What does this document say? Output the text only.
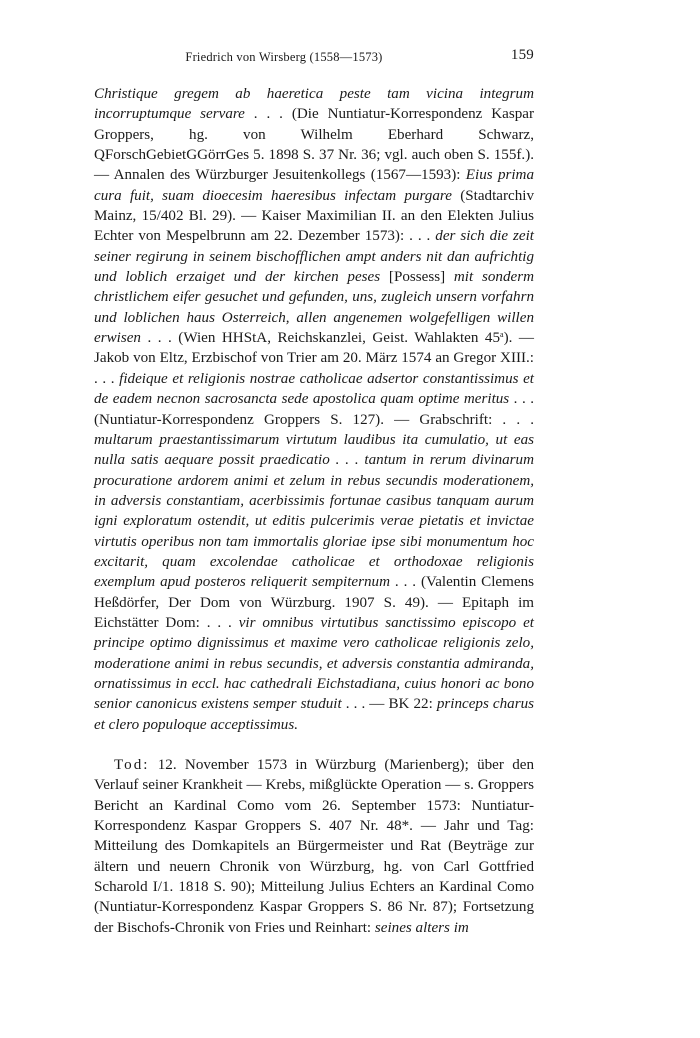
Friedrich von Wirsberg (1558—1573)	159

Christique gregem ab haeretica peste tam vicina integrum incorruptumque servare . . . (Die Nuntiatur-Korrespondenz Kaspar Groppers, hg. von Wilhelm Eberhard Schwarz, QForschGebietGGörrGes 5. 1898 S. 37 Nr. 36; vgl. auch oben S. 155f.). — Annalen des Würzburger Jesuitenkollegs (1567—1593): Eius prima cura fuit, suam dioecesim haeresibus infectam purgare (Stadtarchiv Mainz, 15/402 Bl. 29). — Kaiser Maximilian II. an den Elekten Julius Echter von Mespelbrunn am 22. Dezember 1573): . . . der sich die zeit seiner regirung in seinem bischofflichen ampt anders nit dan aufrichtig und loblich erzaiget und der kirchen peses [Possess] mit sonderm christlichem eifer gesuchet und gefunden, uns, zugleich unsern vorfahrn und loblichen haus Osterreich, allen angenemen wolgefelligen willen erwisen . . . (Wien HHStA, Reichskanzlei, Geist. Wahlakten 45$^a$). — Jakob von Eltz, Erzbischof von Trier am 20. März 1574 an Gregor XIII.: . . . fideique et religionis nostrae catholicae adsertor constantissimus et de eadem necnon sacrosancta sede apostolica quam optime meritus . . . (Nuntiatur-Korrespondenz Groppers S. 127). — Grabschrift: . . . multarum praestantissimarum virtutum laudibus ita cumulatio, ut eas nulla satis aequare possit praedicatio . . . tantum in rerum divinarum procuratione ardorem animi et zelum in rebus secundis moderationem, in adversis constantiam, acerbissimis fortunae casibus tanquam aurum igni exploratum ostendit, ut editis pulcerimis verae pietatis et invictae virtutis operibus non tam immortalis gloriae ipse sibi monumentum hoc excitarit, quam excolendae catholicae et orthodoxae religionis exemplum apud posteros reliquerit sempiternum . . . (Valentin Clemens Heßdörfer, Der Dom von Würzburg. 1907 S. 49). — Epitaph im Eichstätter Dom: . . . vir omnibus virtutibus sanctissimo episcopo et principe optimo dignissimus et maxime vero catholicae religionis zelo, moderatione animi in rebus secundis, et adversis constantia admiranda, ornatissimus in eccl. hac cathedrali Eichstadiana, cuius honori ac bono senior canonicus existens semper studuit . . . — BK 22: princeps charus et clero populoque acceptissimus.

Tod: 12. November 1573 in Würzburg (Marienberg); über den Verlauf seiner Krankheit — Krebs, mißglückte Operation — s. Groppers Bericht an Kardinal Como vom 26. September 1573: Nuntiatur-Korrespondenz Kaspar Groppers S. 407 Nr. 48*. — Jahr und Tag: Mitteilung des Domkapitels an Bürgermeister und Rat (Beyträge zur ältern und neuern Chronik von Würzburg, hg. von Carl Gottfried Scharold I/1. 1818 S. 90); Mitteilung Julius Echters an Kardinal Como (Nuntiatur-Korrespondenz Kaspar Groppers S. 86 Nr. 87); Fortsetzung der Bischofs-Chronik von Fries und Reinhart: seines alters im
